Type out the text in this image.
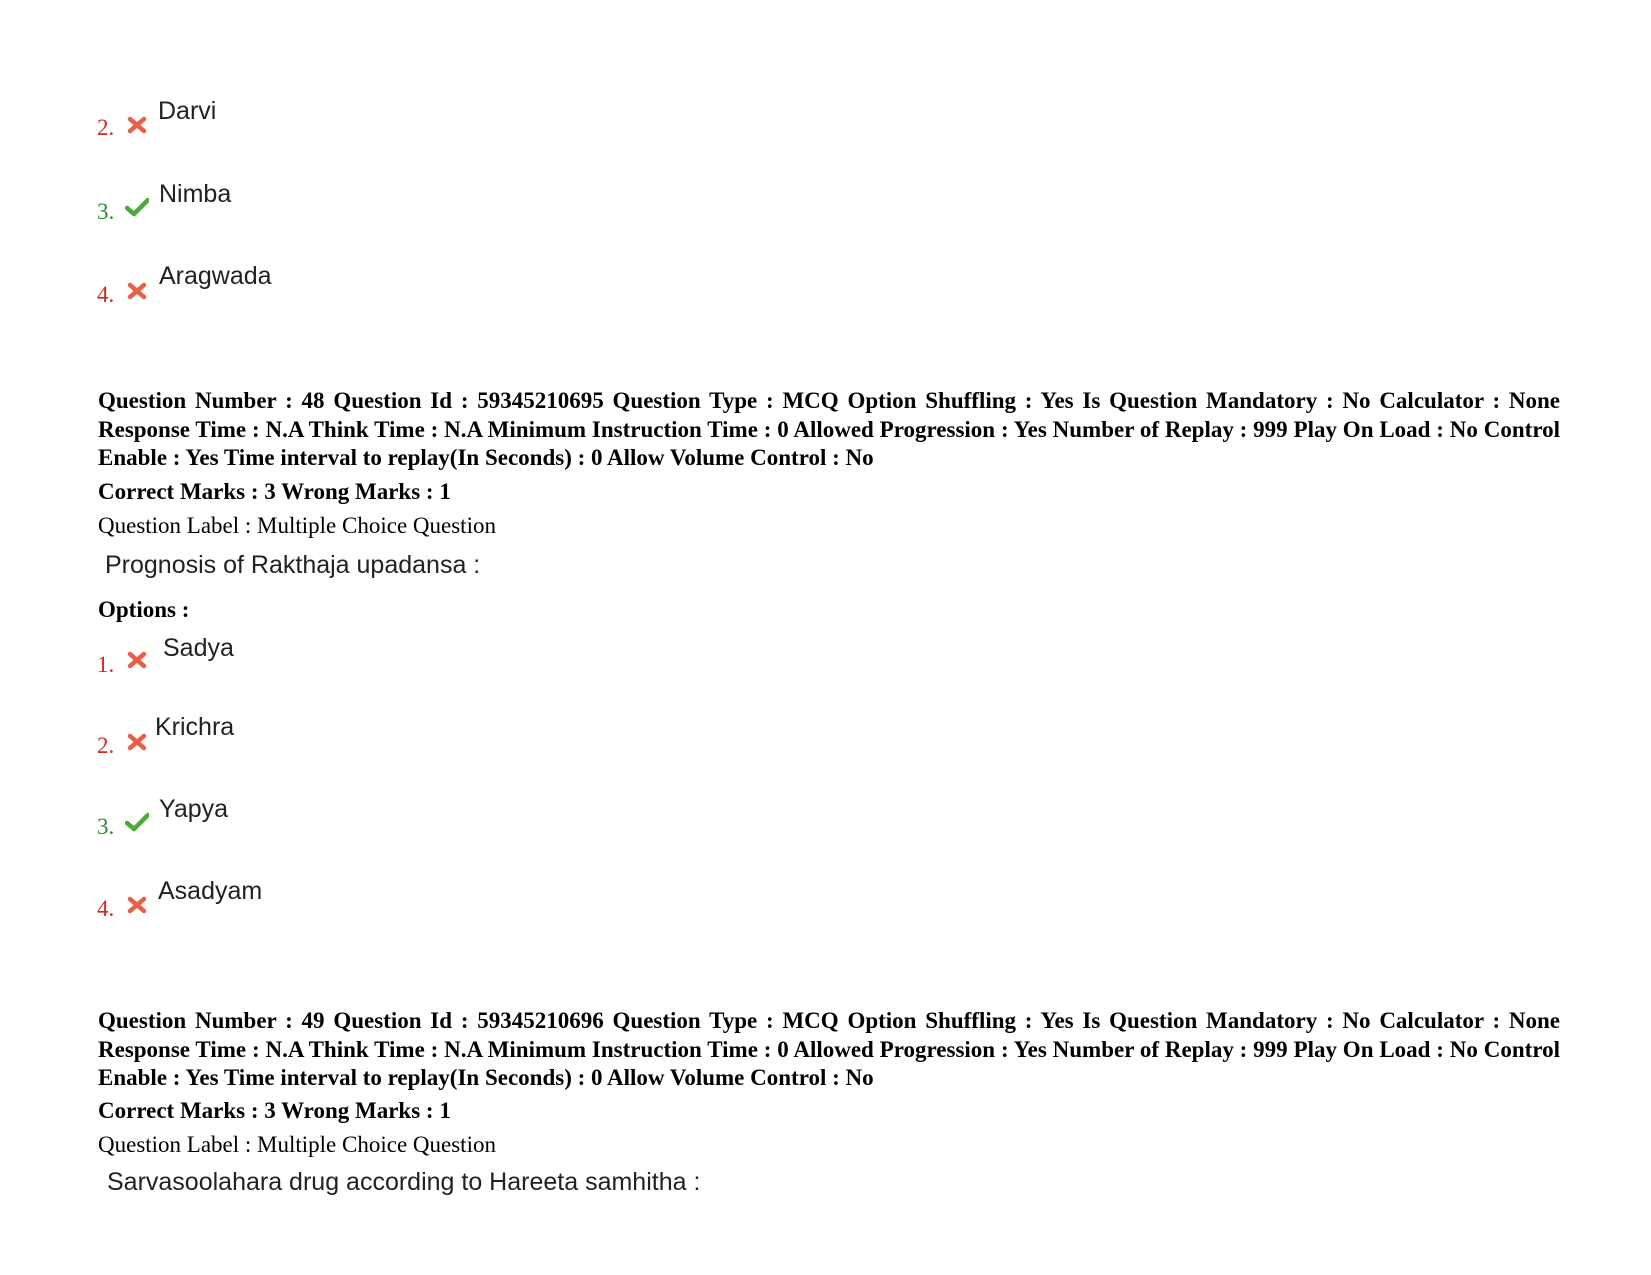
2.
Darvi
3.
Nimba
4.
Aragwada
Question Number : 48 Question Id : 59345210695 Question Type : MCQ Option Shuffling : Yes Is Question Mandatory : No Calculator : None Response Time : N.A Think Time : N.A Minimum Instruction Time : 0 Allowed Progression : Yes Number of Replay : 999 Play On Load : No Control Enable : Yes Time interval to replay(In Seconds) : 0 Allow Volume Control : No
Correct Marks : 3 Wrong Marks : 1
Question Label : Multiple Choice Question
Prognosis of Rakthaja upadansa :
Options :
1.
Sadya
2.
Krichra
3.
Yapya
4.
Asadyam
Question Number : 49 Question Id : 59345210696 Question Type : MCQ Option Shuffling : Yes Is Question Mandatory : No Calculator : None Response Time : N.A Think Time : N.A Minimum Instruction Time : 0 Allowed Progression : Yes Number of Replay : 999 Play On Load : No Control Enable : Yes Time interval to replay(In Seconds) : 0 Allow Volume Control : No
Correct Marks : 3 Wrong Marks : 1
Question Label : Multiple Choice Question
Sarvasoolahara drug according to Hareeta samhitha :
